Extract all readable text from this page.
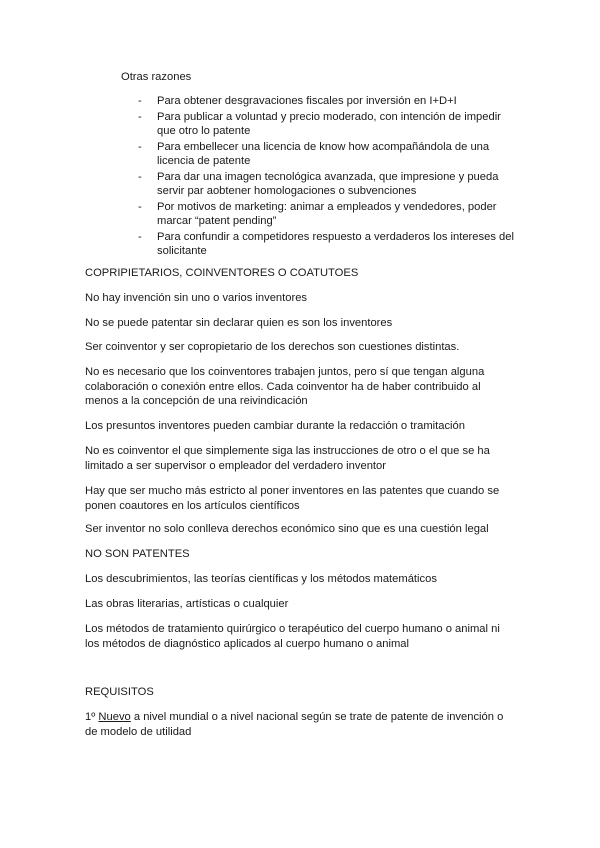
Otras razones

- Para obtener desgravaciones fiscales por inversión en I+D+I
- Para publicar a voluntad y precio moderado, con intención de impedir que otro lo patente
- Para embellecer una licencia de know how acompañándola de una licencia de patente
- Para dar una imagen tecnológica avanzada, que impresione y pueda servir par aobtener homologaciones o subvenciones
- Por motivos de marketing: animar a empleados y vendedores, poder marcar “patent pending”
- Para confundir a competidores respuesto a verdaderos los intereses del solicitante

COPRIPIETARIOS, COINVENTORES O COATUTOES

No hay invención sin uno o varios inventores

No se puede patentar sin declarar quien es son los inventores

Ser coinventor y ser copropietario de los derechos son cuestiones distintas.

No es necesario que los coinventores trabajen juntos, pero sí que tengan alguna colaboración o conexión entre ellos. Cada coinventor ha de haber contribuido al menos a la concepción de una reivindicación

Los presuntos inventores pueden cambiar durante la redacción o tramitación

No es coinventor el que simplemente siga las instrucciones de otro o el que se ha limitado a ser supervisor o empleador del verdadero inventor

Hay que ser mucho más estricto al poner inventores en las patentes que cuando se ponen coautores en los artículos científicos

Ser inventor no solo conlleva derechos económico sino que es una cuestión legal

NO SON PATENTES

Los descubrimientos, las teorías científicas y los métodos matemáticos

Las obras literarias, artísticas o cualquier

Los métodos de tratamiento quirúrgico o terapéutico del cuerpo humano o animal ni los métodos de diagnóstico aplicados al cuerpo humano o animal

REQUISITOS

1º Nuevo a nivel mundial o a nivel nacional según se trate de patente de invención o de modelo de utilidad
